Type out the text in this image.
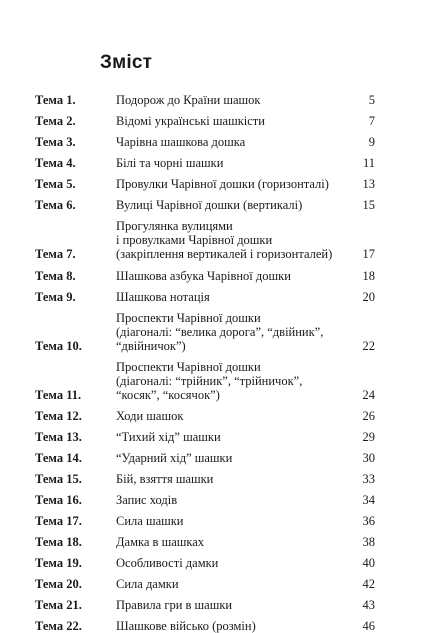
Зміст
Тема 1.	Подорож до Країни шашок	5
Тема 2.	Відомі українські шашкісти	7
Тема 3.	Чарівна шашкова дошка	9
Тема 4.	Білі та чорні шашки	11
Тема 5.	Провулки Чарівної дошки (горизонталі)	13
Тема 6.	Вулиці Чарівної дошки (вертикалі)	15
Тема 7.
Прогулянка вулицями
і провулками Чарівної дошки
(закріплення вертикалей і горизонталей)	17
Тема 8.	Шашкова азбука Чарівної дошки	18
Тема 9.	Шашкова нотація	20
Тема 10.
Проспекти Чарівної дошки
(діагоналі: “велика дорога”, “двійник”, “двійничок”)	22
Тема 11.
Проспекти Чарівної дошки
(діагоналі: “трійник”, “трійничок”, “косяк”, “косячок”)	24
Тема 12.	Ходи шашок	26
Тема 13.	“Тихий хід” шашки	29
Тема 14.	“Ударний хід” шашки	30
Тема 15.	Бій, взяття шашки	33
Тема 16.	Запис ходів	34
Тема 17.	Сила шашки	36
Тема 18.	Дамка в шашках	38
Тема 19.	Особливості дамки	40
Тема 20.	Сила дамки	42
Тема 21.	Правила гри в шашки	43
Тема 22.	Шашкове військо (розмін)	46
